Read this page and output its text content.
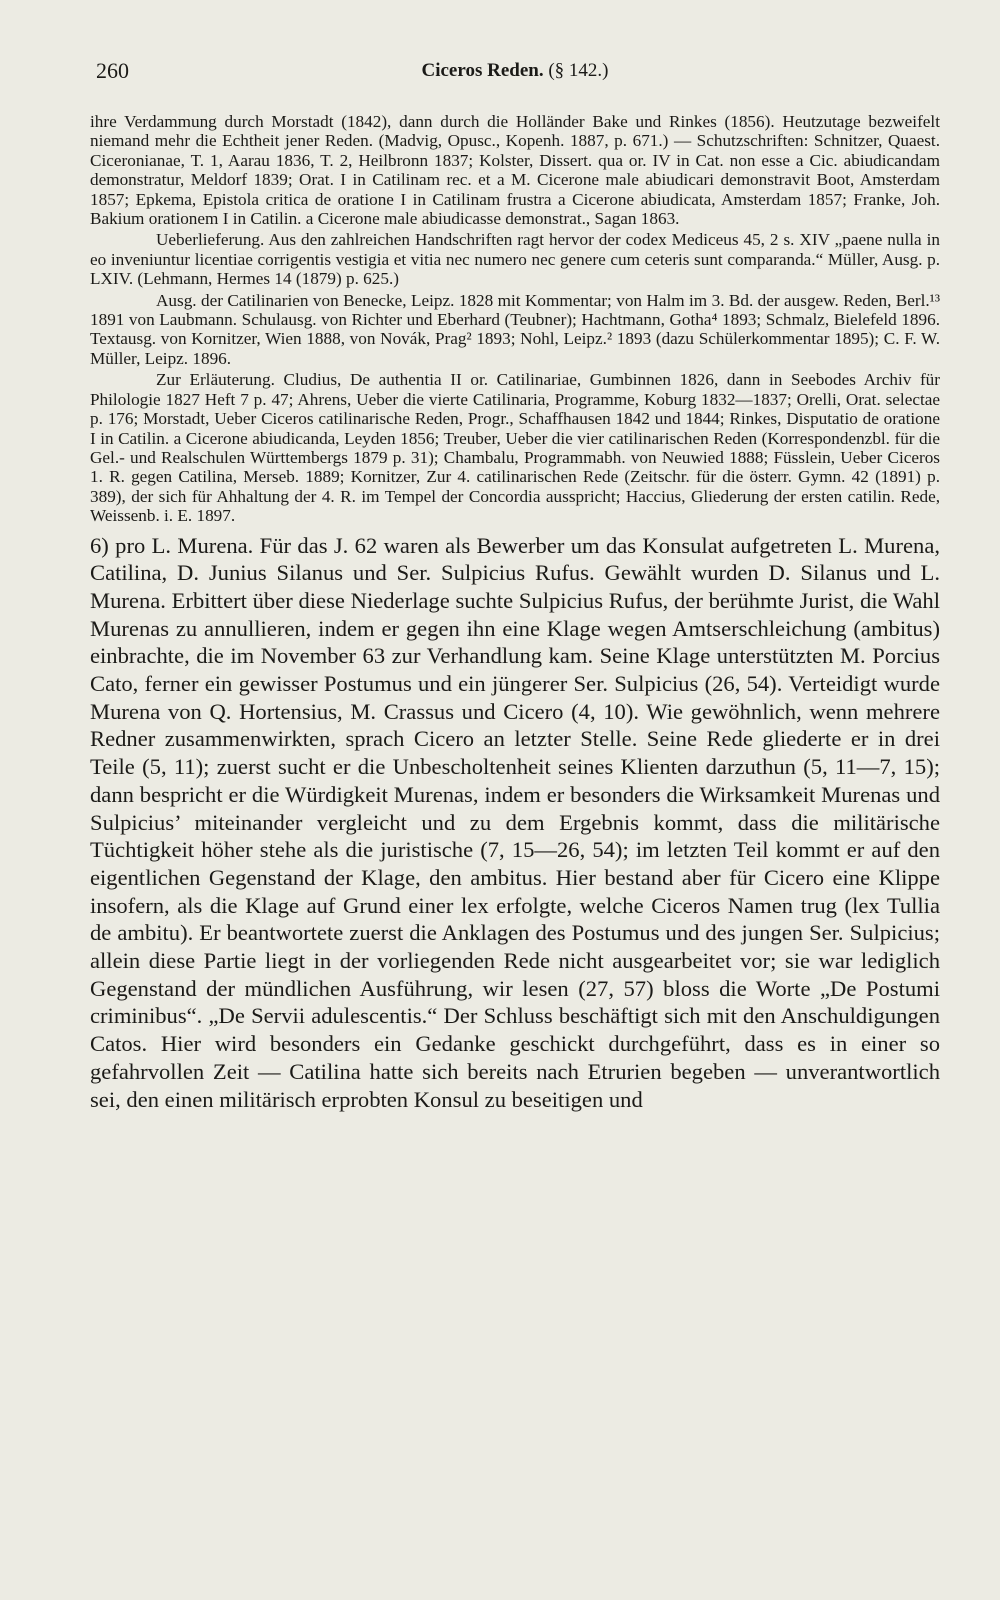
260	Ciceros Reden. (§ 142.)

ihre Verdammung durch Morstadt (1842), dann durch die Holländer Bake und Rinkes (1856). Heutzutage bezweifelt niemand mehr die Echtheit jener Reden. (Madvig, Opusc., Kopenh. 1887, p. 671.) — Schutzschriften: Schnitzer, Quaest. Ciceronianae, T. 1, Aarau 1836, T. 2, Heilbronn 1837; Kolster, Dissert. qua or. IV in Cat. non esse a Cic. abiudicandam demonstratur, Meldorf 1839; Orat. I in Catilinam rec. et a M. Cicerone male abiudicari demonstravit Boot, Amsterdam 1857; Epkema, Epistola critica de oratione I in Catilinam frustra a Cicerone abiudicata, Amsterdam 1857; Franke, Joh. Bakium orationem I in Catilin. a Cicerone male abiudicasse demonstrat., Sagan 1863.

Ueberlieferung. Aus den zahlreichen Handschriften ragt hervor der codex Mediceus 45, 2 s. XIV „paene nulla in eo inveniuntur licentiae corrigentis vestigia et vitia nec numero nec genere cum ceteris sunt comparanda.“ Müller, Ausg. p. LXIV. (Lehmann, Hermes 14 (1879) p. 625.)

Ausg. der Catilinarien von Benecke, Leipz. 1828 mit Kommentar; von Halm im 3. Bd. der ausgew. Reden, Berl.¹³ 1891 von Laubmann. Schulausg. von Richter und Eberhard (Teubner); Hachtmann, Gotha⁴ 1893; Schmalz, Bielefeld 1896. Textausg. von Kornitzer, Wien 1888, von Novák, Prag² 1893; Nohl, Leipz.² 1893 (dazu Schülerkommentar 1895); C. F. W. Müller, Leipz. 1896.

Zur Erläuterung. Cludius, De authentia II or. Catilinariae, Gumbinnen 1826, dann in Seebodes Archiv für Philologie 1827 Heft 7 p. 47; Ahrens, Ueber die vierte Catilinaria, Programme, Koburg 1832—1837; Orelli, Orat. selectae p. 176; Morstadt, Ueber Ciceros catilinarische Reden, Progr., Schaffhausen 1842 und 1844; Rinkes, Disputatio de oratione I in Catilin. a Cicerone abiudicanda, Leyden 1856; Treuber, Ueber die vier catilinarischen Reden (Korrespondenzbl. für die Gel.- und Realschulen Württembergs 1879 p. 31); Chambalu, Programmabh. von Neuwied 1888; Füsslein, Ueber Ciceros 1. R. gegen Catilina, Merseb. 1889; Kornitzer, Zur 4. catilinarischen Rede (Zeitschr. für die österr. Gymn. 42 (1891) p. 389), der sich für Ahhaltung der 4. R. im Tempel der Concordia ausspricht; Haccius, Gliederung der ersten catilin. Rede, Weissenb. i. E. 1897.

6) pro L. Murena. Für das J. 62 waren als Bewerber um das Konsulat aufgetreten L. Murena, Catilina, D. Junius Silanus und Ser. Sulpicius Rufus. Gewählt wurden D. Silanus und L. Murena. Erbittert über diese Niederlage suchte Sulpicius Rufus, der berühmte Jurist, die Wahl Murenas zu annullieren, indem er gegen ihn eine Klage wegen Amtserschleichung (ambitus) einbrachte, die im November 63 zur Verhandlung kam. Seine Klage unterstützten M. Porcius Cato, ferner ein gewisser Postumus und ein jüngerer Ser. Sulpicius (26, 54). Verteidigt wurde Murena von Q. Hortensius, M. Crassus und Cicero (4, 10). Wie gewöhnlich, wenn mehrere Redner zusammenwirkten, sprach Cicero an letzter Stelle. Seine Rede gliederte er in drei Teile (5, 11); zuerst sucht er die Unbescholtenheit seines Klienten darzuthun (5, 11—7, 15); dann bespricht er die Würdigkeit Murenas, indem er besonders die Wirksamkeit Murenas und Sulpicius’ miteinander vergleicht und zu dem Ergebnis kommt, dass die militärische Tüchtigkeit höher stehe als die juristische (7, 15—26, 54); im letzten Teil kommt er auf den eigentlichen Gegenstand der Klage, den ambitus. Hier bestand aber für Cicero eine Klippe insofern, als die Klage auf Grund einer lex erfolgte, welche Ciceros Namen trug (lex Tullia de ambitu). Er beantwortete zuerst die Anklagen des Postumus und des jungen Ser. Sulpicius; allein diese Partie liegt in der vorliegenden Rede nicht ausgearbeitet vor; sie war lediglich Gegenstand der mündlichen Ausführung, wir lesen (27, 57) bloss die Worte „De Postumi criminibus“. „De Servii adulescentis.“ Der Schluss beschäftigt sich mit den Anschuldigungen Catos. Hier wird besonders ein Gedanke geschickt durchgeführt, dass es in einer so gefahrvollen Zeit — Catilina hatte sich bereits nach Etrurien begeben — unverantwortlich sei, den einen militärisch erprobten Konsul zu beseitigen und
